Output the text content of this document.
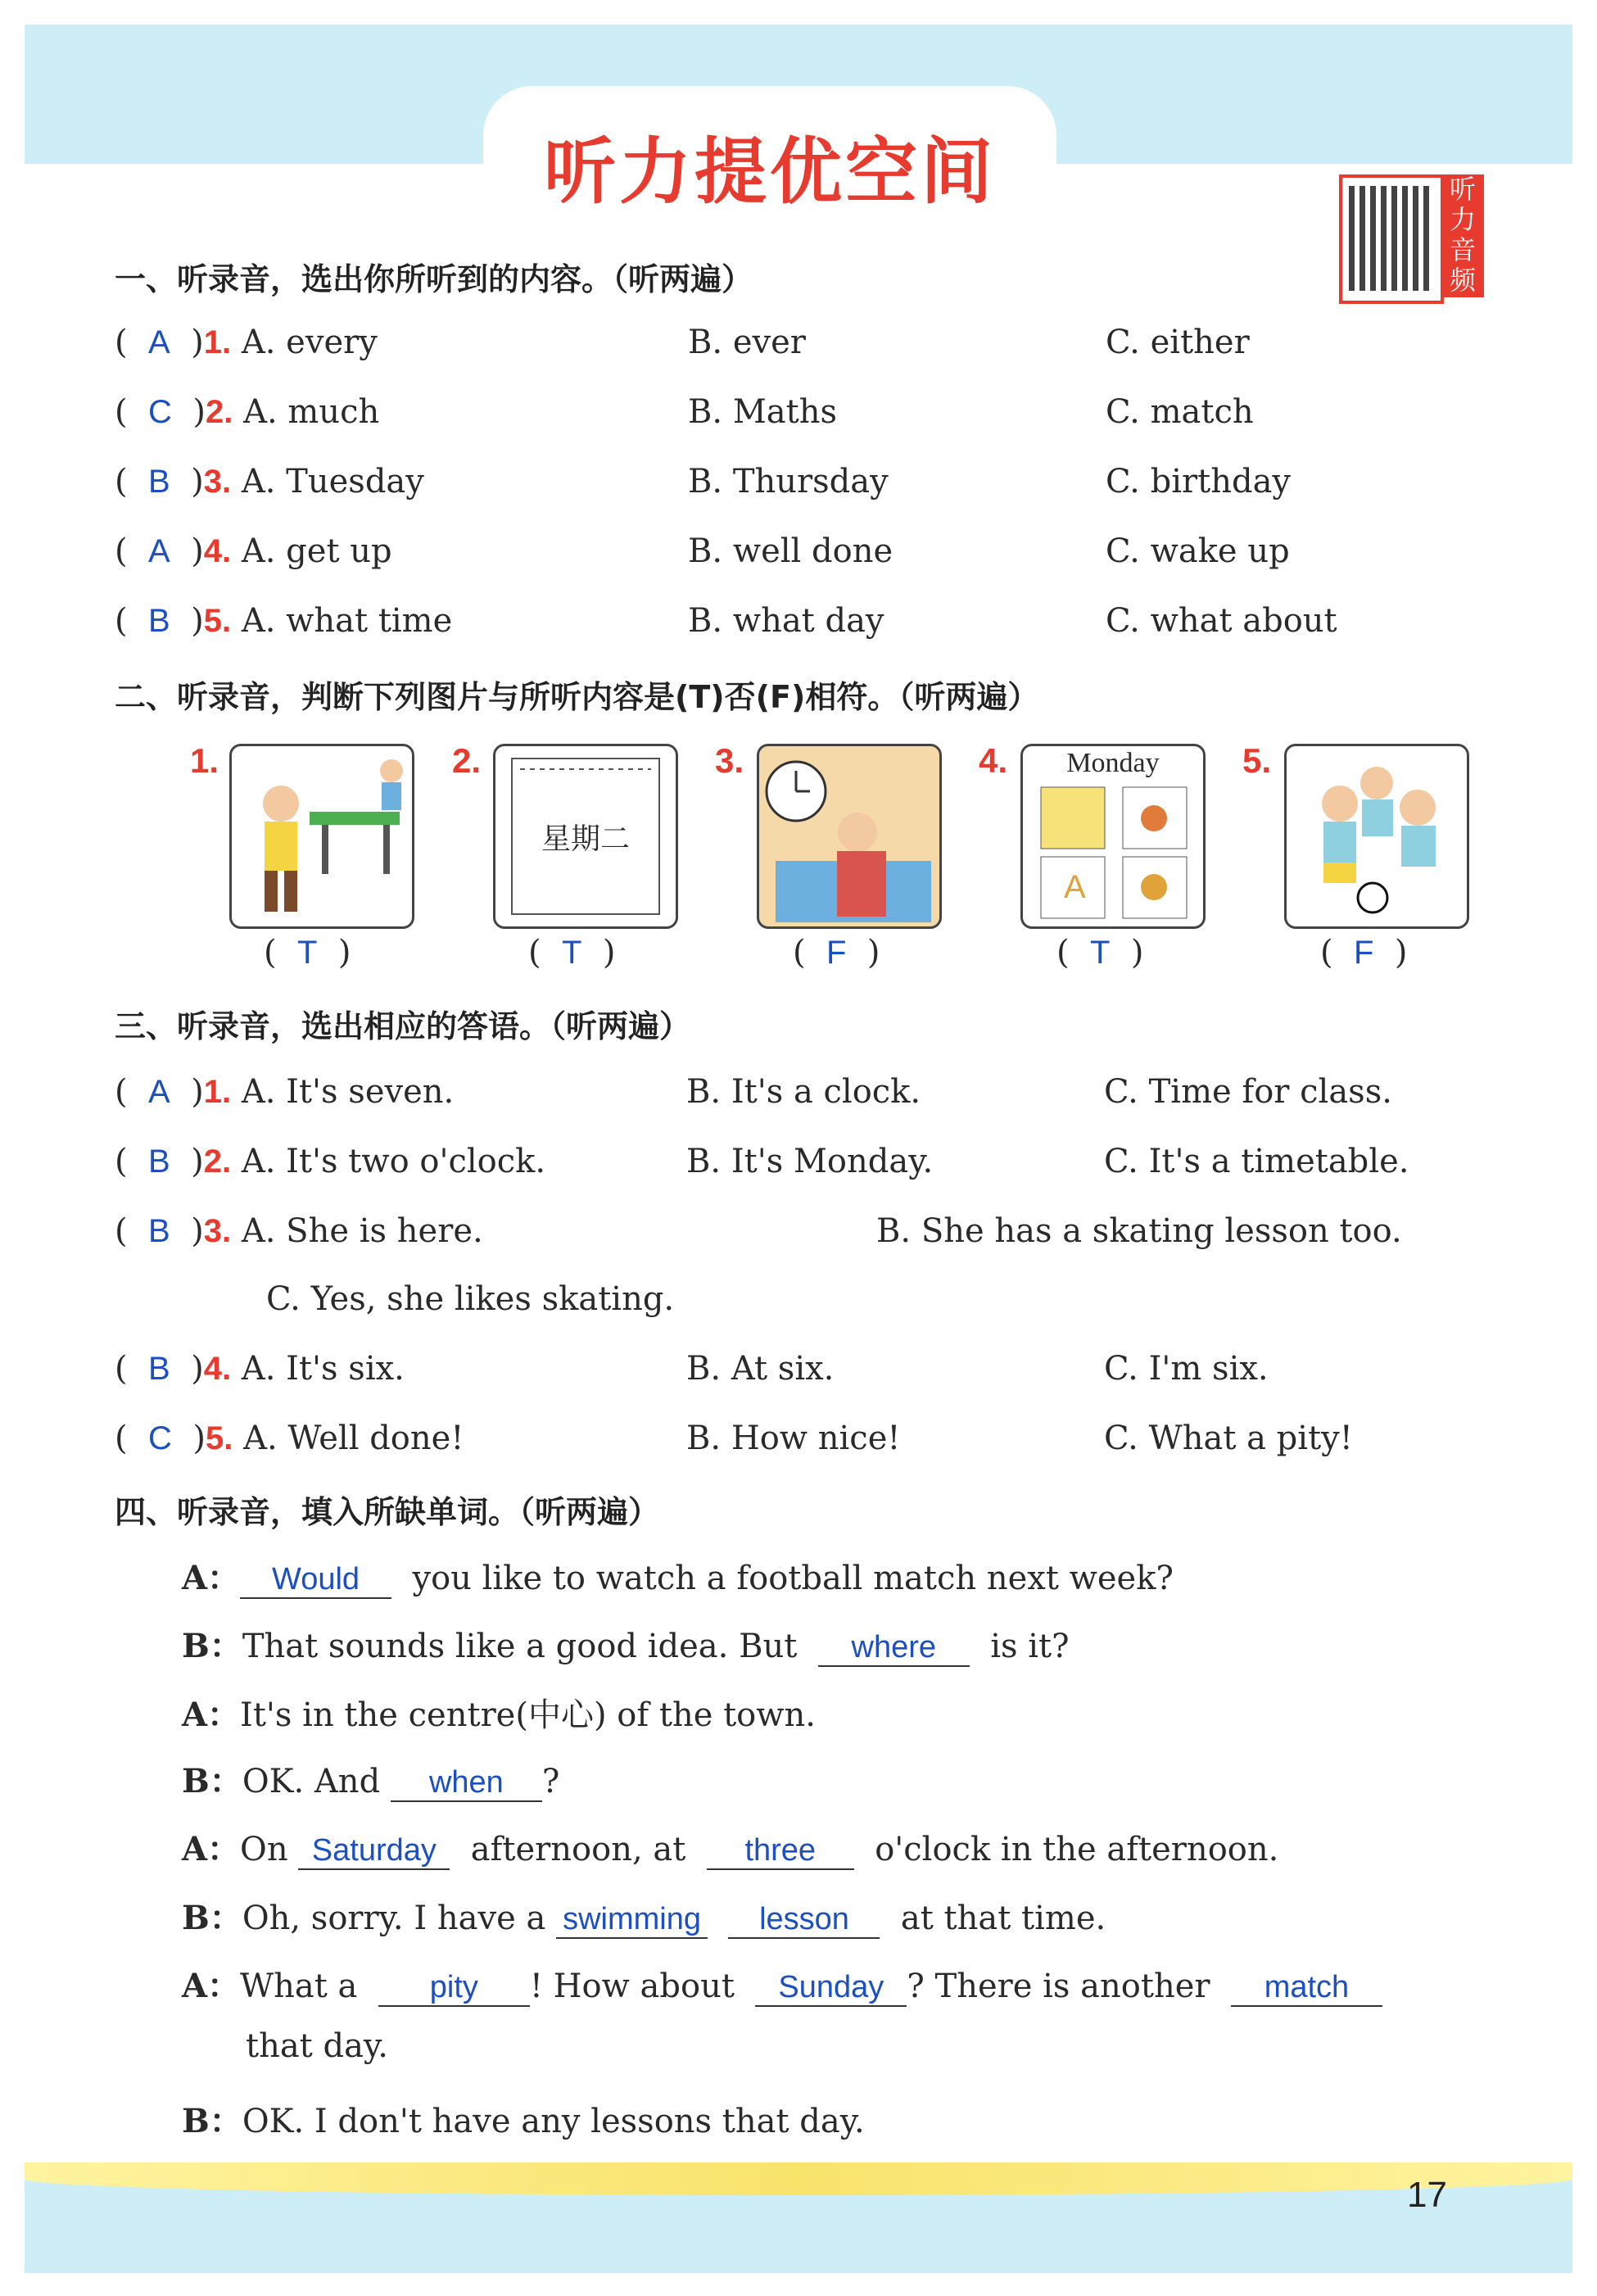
听力提优空间	听力音频
一、听录音，选出你所听到的内容。（听两遍）
(  A  )1. A. every	B. ever	C. either
(  C  )2. A. much	B. Maths	C. match
(  B  )3. A. Tuesday	B. Thursday	C. birthday
(  A  )4. A. get up	B. well done	C. wake up
(  B  )5. A. what time	B. what day	C. what about
二、听录音，判断下列图片与所听内容是(T)否(F)相符。（听两遍）
1.
(  T  )
2.
星期二
(  T  )
3.
(  F  )
4.	Monday
A
(  T  )
5.
(  F  )
三、听录音，选出相应的答语。（听两遍）
(  A  )1. A. It's seven.	B. It's a clock.	C. Time for class.
(  B  )2. A. It's two o'clock.	B. It's Monday.	C. It's a timetable.
(  B  )3. A. She is here.	B. She has a skating lesson too.
C. Yes, she likes skating.
(  B  )4. A. It's six.	B. At six.	C. I'm six.
(  C  )5. A. Well done!	B. How nice!	C. What a pity!
四、听录音，填入所缺单词。（听两遍）
A： Would you like to watch a football match next week?
B：That sounds like a good idea. But where is it?
A：It's in the centre(中心) of the town.
B：OK. And when ?
A：On Saturday afternoon, at three o'clock in the afternoon.
B：Oh, sorry. I have a swimming lesson at that time.
A：What a pity ! How about Sunday ? There is another match
that day.
B：OK. I don't have any lessons that day.
17
